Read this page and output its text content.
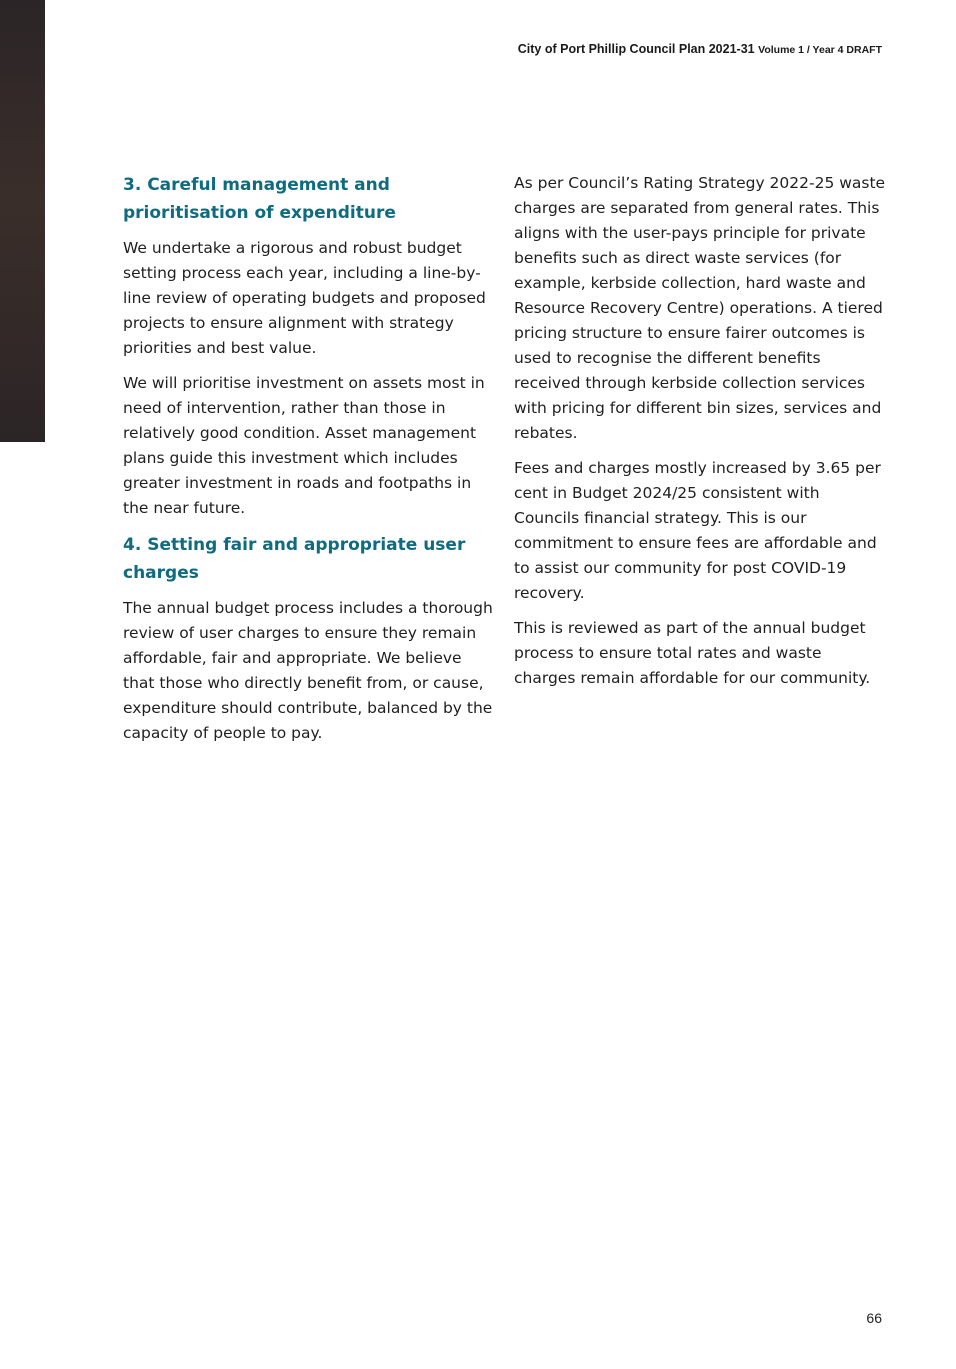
City of Port Phillip Council Plan 2021-31 Volume 1 / Year 4 DRAFT
3. Careful management and prioritisation of expenditure

We undertake a rigorous and robust budget setting process each year, including a line-by-line review of operating budgets and proposed projects to ensure alignment with strategy priorities and best value.

We will prioritise investment on assets most in need of intervention, rather than those in relatively good condition. Asset management plans guide this investment which includes greater investment in roads and footpaths in the near future.

4. Setting fair and appropriate user charges

The annual budget process includes a thorough review of user charges to ensure they remain affordable, fair and appropriate. We believe that those who directly benefit from, or cause, expenditure should contribute, balanced by the capacity of people to pay.

As per Council’s Rating Strategy 2022-25 waste charges are separated from general rates. This aligns with the user-pays principle for private benefits such as direct waste services (for example, kerbside collection, hard waste and Resource Recovery Centre) operations. A tiered pricing structure to ensure fairer outcomes is used to recognise the different benefits received through kerbside collection services with pricing for different bin sizes, services and rebates.

Fees and charges mostly increased by 3.65 per cent in Budget 2024/25 consistent with Councils financial strategy. This is our commitment to ensure fees are affordable and to assist our community for post COVID-19 recovery.

This is reviewed as part of the annual budget process to ensure total rates and waste charges remain affordable for our community.

66
